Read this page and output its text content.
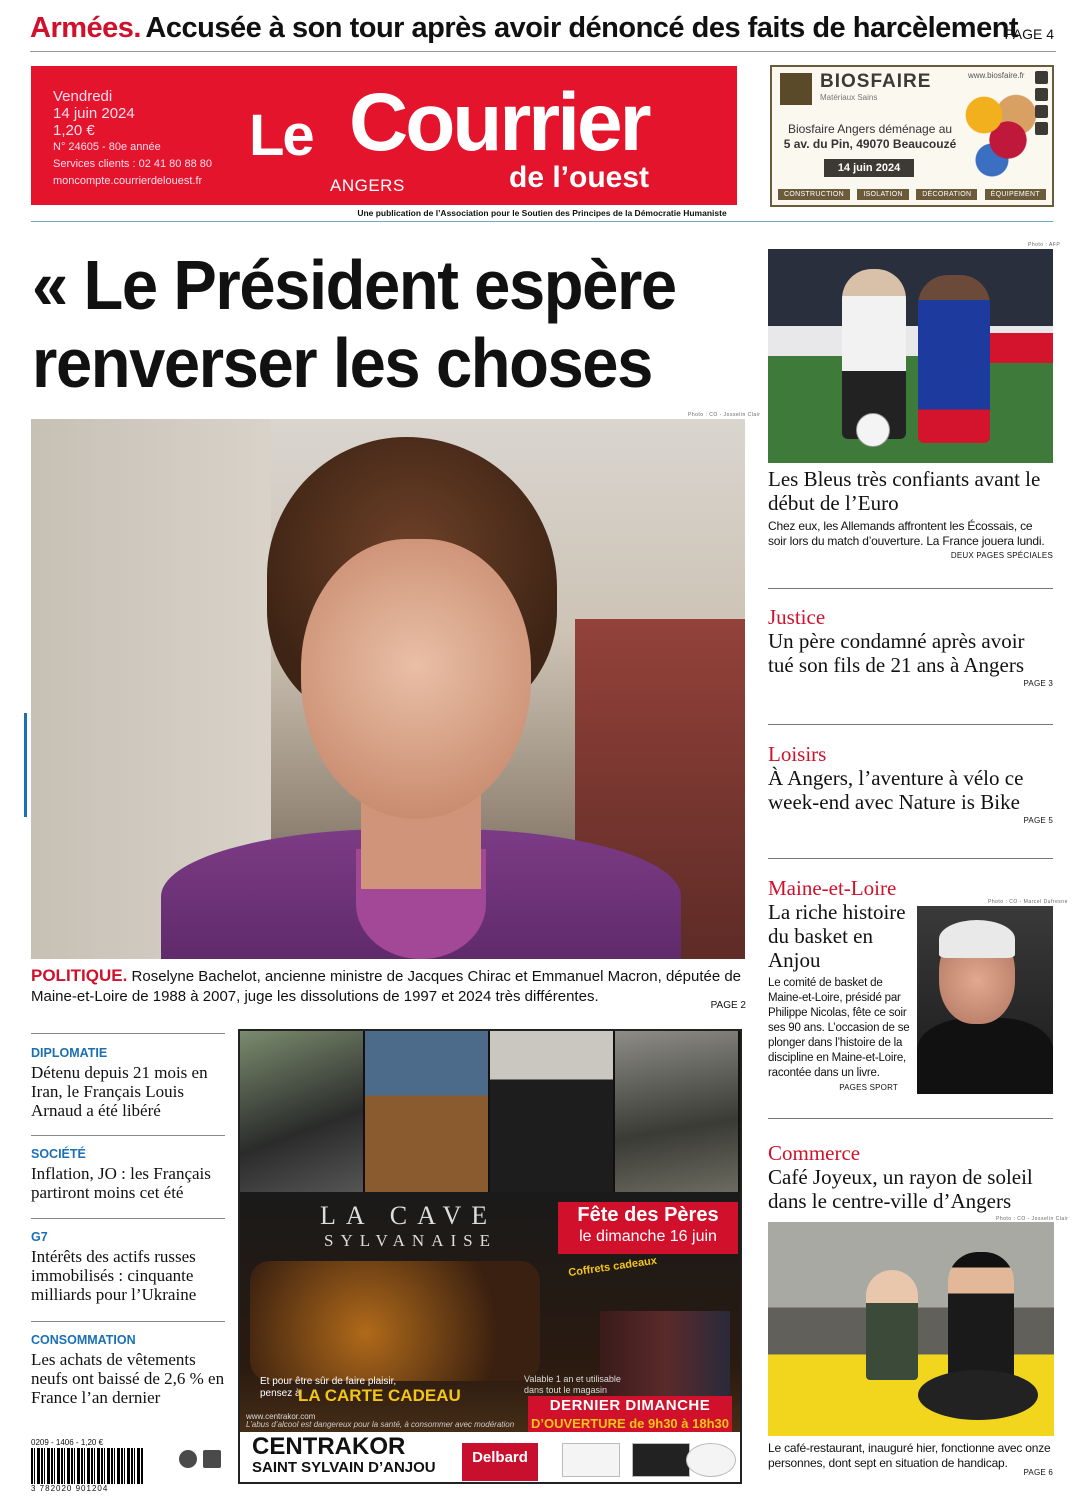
Armées. Accusée à son tour après avoir dénoncé des faits de harcèlement
PAGE 4
Vendredi
14 juin 2024
1,20 €
N° 24605 - 80e année
Services clients : 02 41 80 88 80
moncompte.courrierdelouest.fr
Le Courrier
de l’ouest
ANGERS
Une publication de l’Association pour le Soutien des Principes de la Démocratie Humaniste
BIOSFAIRE
Matériaux Sains
www.biosfaire.fr
Biosfaire Angers déménage au
5 av. du Pin, 49070 Beaucouzé
14 juin 2024
CONSTRUCTION	ISOLATION	DÉCORATION	ÉQUIPEMENT
« Le Président espère renverser les choses
Photo : CO - Josselin Clair
POLITIQUE. Roselyne Bachelot, ancienne ministre de Jacques Chirac et Emmanuel Macron, députée de Maine-et-Loire de 1988 à 2007, juge les dissolutions de 1997 et 2024 très différentes.
PAGE 2
DIPLOMATIE
Détenu depuis 21 mois en Iran, le Français Louis Arnaud a été libéré
SOCIÉTÉ
Inflation, JO : les Français partiront moins cet été
G7
Intérêts des actifs russes immobilisés : cinquante milliards pour l’Ukraine
CONSOMMATION
Les achats de vêtements neufs ont baissé de 2,6 % en France l’an dernier
LA CAVE
SYLVANAISE
Fête des Pères
le dimanche 16 juin
Coffrets cadeaux
Et pour être sûr de faire plaisir,
pensez à
LA CARTE CADEAU
Valable 1 an et utilisable
dans tout le magasin
www.centrakor.com
L’abus d’alcool est dangereux pour la santé, à consommer avec modération
DERNIER DIMANCHE
D’OUVERTURE de 9h30 à 18h30
CENTRAKOR
SAINT SYLVAIN D’ANJOU
Delbard
0209 - 1406 - 1,20 €
3 782020 901204
Photo : AFP
Les Bleus très confiants avant le début de l’Euro
Chez eux, les Allemands affrontent les Écossais, ce soir lors du match d’ouverture. La France jouera lundi.
DEUX PAGES SPÉCIALES
Justice
Un père condamné après avoir tué son fils de 21 ans à Angers
PAGE 3
Loisirs
À Angers, l’aventure à vélo ce week-end avec Nature is Bike
PAGE 5
Maine-et-Loire
La riche histoire du basket en Anjou
Le comité de basket de Maine-et-Loire, présidé par Philippe Nicolas, fête ce soir ses 90 ans. L’occasion de se plonger dans l’histoire de la discipline en Maine-et-Loire, racontée dans un livre.
PAGES SPORT
Photo : CO - Marcel Dufresne
Commerce
Café Joyeux, un rayon de soleil dans le centre-ville d’Angers
Photo : CO - Josselin Clair
Le café-restaurant, inauguré hier, fonctionne avec onze personnes, dont sept en situation de handicap.
PAGE 6
